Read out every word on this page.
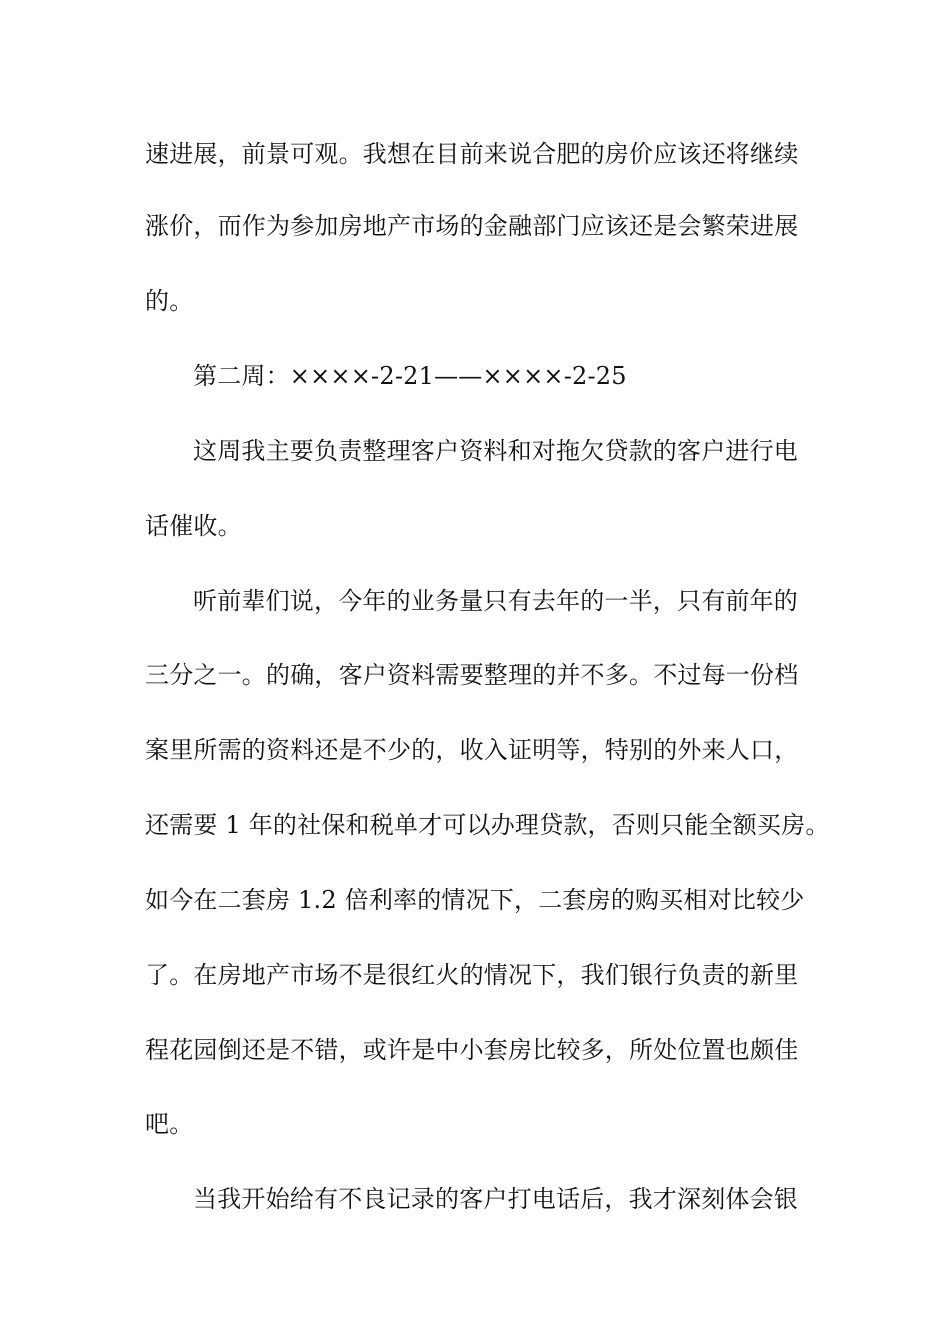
速进展，前景可观。我想在目前来说合肥的房价应该还将继续
涨价，而作为参加房地产市场的金融部门应该还是会繁荣进展
的。
第二周：××××-2-21——××××-2-25
这周我主要负责整理客户资料和对拖欠贷款的客户进行电
话催收。
听前辈们说，今年的业务量只有去年的一半，只有前年的
三分之一。的确，客户资料需要整理的并不多。不过每一份档
案里所需的资料还是不少的，收入证明等，特别的外来人口，
还需要 1 年的社保和税单才可以办理贷款，否则只能全额买房。
如今在二套房 1.2 倍利率的情况下，二套房的购买相对比较少
了。在房地产市场不是很红火的情况下，我们银行负责的新里
程花园倒还是不错，或许是中小套房比较多，所处位置也颇佳
吧。
当我开始给有不良记录的客户打电话后，我才深刻体会银
